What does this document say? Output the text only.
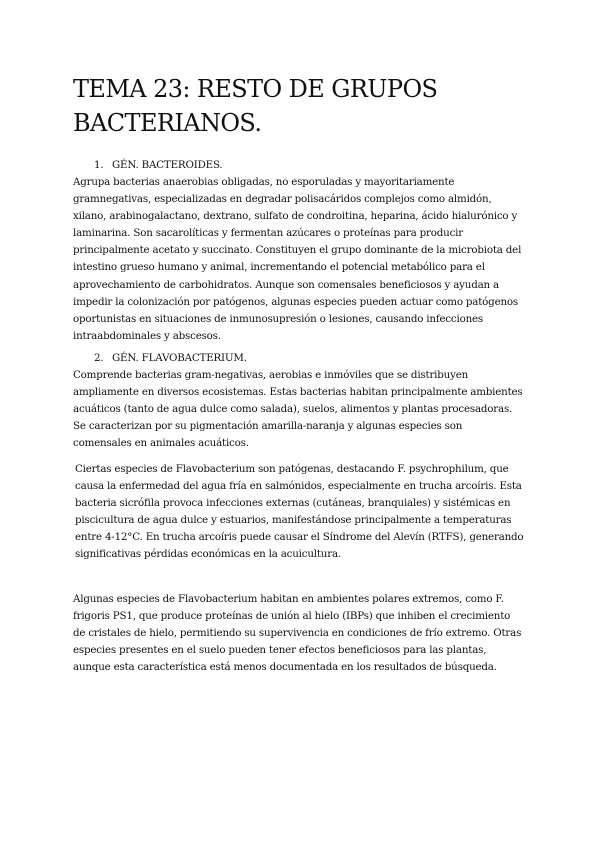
TEMA 23: RESTO DE GRUPOS BACTERIANOS.
1. GÉN. BACTEROIDES.

Agrupa bacterias anaerobias obligadas, no esporuladas y mayoritariamente gramnegativas, especializadas en degradar polisacáridos complejos como almidón, xilano, arabinogalactano, dextrano, sulfato de condroitina, heparina, ácido hialurónico y laminarina. Son sacarolíticas y fermentan azúcares o proteínas para producir principalmente acetato y succinato. Constituyen el grupo dominante de la microbiota del intestino grueso humano y animal, incrementando el potencial metabólico para el aprovechamiento de carbohidratos. Aunque son comensales beneficiosos y ayudan a impedir la colonización por patógenos, algunas especies pueden actuar como patógenos oportunistas en situaciones de inmunosupresión o lesiones, causando infecciones intraabdominales y abscesos.

2. GÉN. FLAVOBACTERIUM.

Comprende bacterias gram-negativas, aerobias e inmóviles que se distribuyen ampliamente en diversos ecosistemas. Estas bacterias habitan principalmente ambientes acuáticos (tanto de agua dulce como salada), suelos, alimentos y plantas procesadoras. Se caracterizan por su pigmentación amarilla-naranja y algunas especies son comensales en animales acuáticos.

Ciertas especies de Flavobacterium son patógenas, destacando F. psychrophilum, que causa la enfermedad del agua fría en salmónidos, especialmente en trucha arcoíris. Esta bacteria sicrófila provoca infecciones externas (cutáneas, branquiales) y sistémicas en piscicultura de agua dulce y estuarios, manifestándose principalmente a temperaturas entre 4-12°C. En trucha arcoíris puede causar el Síndrome del Alevín (RTFS), generando significativas pérdidas económicas en la acuicultura.

Algunas especies de Flavobacterium habitan en ambientes polares extremos, como F. frigoris PS1, que produce proteínas de unión al hielo (IBPs) que inhiben el crecimiento de cristales de hielo, permitiendo su supervivencia en condiciones de frío extremo. Otras especies presentes en el suelo pueden tener efectos beneficiosos para las plantas, aunque esta característica está menos documentada en los resultados de búsqueda.
